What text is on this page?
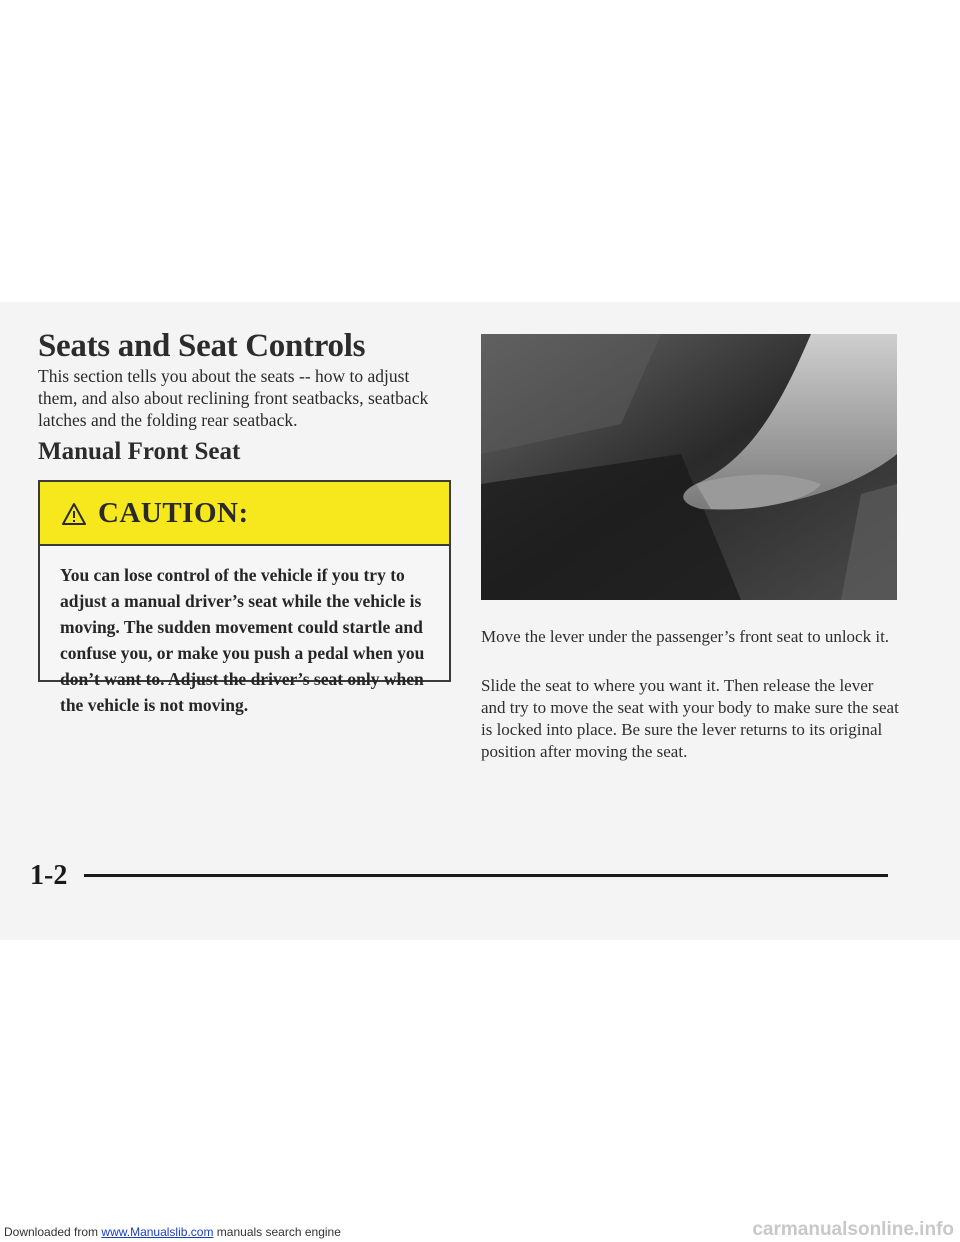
Seats and Seat Controls

This section tells you about the seats -- how to adjust them, and also about reclining front seatbacks, seatback latches and the folding rear seatback.

Manual Front Seat
CAUTION:

You can lose control of the vehicle if you try to adjust a manual driver’s seat while the vehicle is moving. The sudden movement could startle and confuse you, or make you push a pedal when you don’t want to. Adjust the driver’s seat only when the vehicle is not moving.

Move the lever under the passenger’s front seat to unlock it.

Slide the seat to where you want it. Then release the lever and try to move the seat with your body to make sure the seat is locked into place. Be sure the lever returns to its original position after moving the seat.

1-2
Downloaded from www.Manualslib.com manuals search engine	carmanualsonline.info
